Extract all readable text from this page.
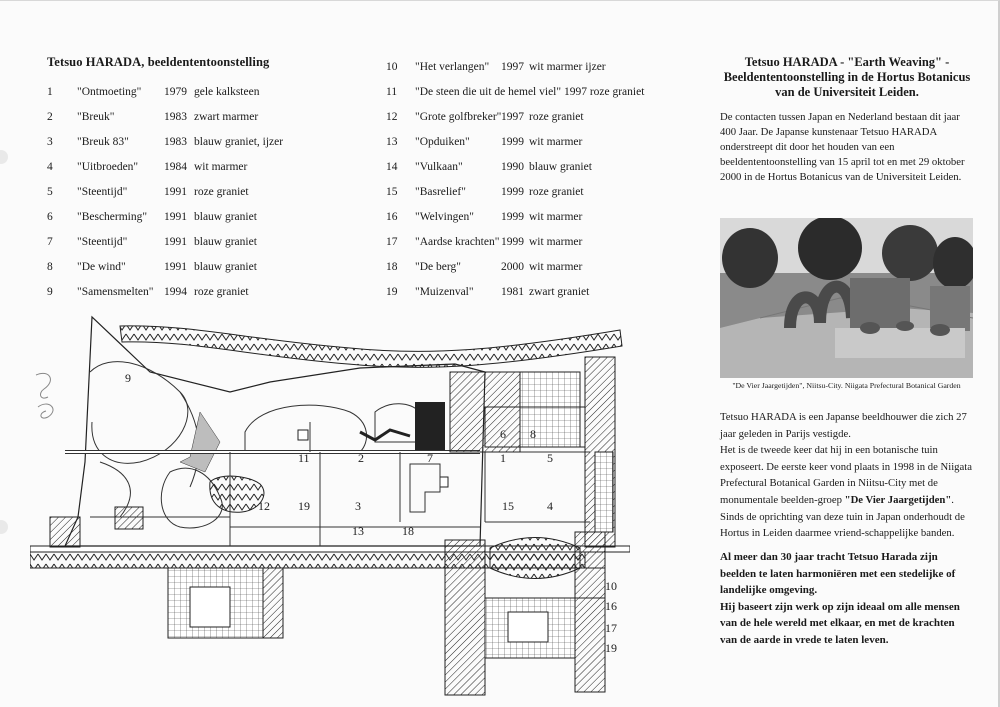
Tetsuo HARADA, beeldententoonstelling
1 "Ontmoeting" 1979 gele kalksteen
2 "Breuk"	1983 zwart marmer
3 "Breuk 83"	1983 blauw graniet, ijzer
4 "Uitbroeden" 1984 wit marmer
5 "Steentijd"	1991 roze graniet
6 "Bescherming" 1991 blauw graniet
7 "Steentijd"	1991 blauw graniet
8 "De wind"	1991 blauw graniet
9 "Samensmelten" 1994 roze graniet
10 "Het verlangen" 1997 wit marmer ijzer
11 "De steen die uit de hemel viel" 1997 roze graniet
12 "Grote golfbreker" 1997 roze graniet
13 "Opduiken"	1999 wit marmer
14 "Vulkaan"	1990 blauw graniet
15 "Basrelief"	1999 roze graniet
16 "Welvingen" 1999 wit marmer
17 "Aardse krachten" 1999 wit marmer
18 "De berg"	2000 wit marmer
19 "Muizenval" 1981 zwart graniet
9
11	2	7
6 8
1	5
12 19	3	15	4
13	18
10
16
17
19
Tetsuo HARADA - "Earth Weaving" - Beeldententoonstelling in de Hortus Botanicus van de Universiteit Leiden.
De contacten tussen Japan en Nederland bestaan dit jaar 400 Jaar. De Japanse kunstenaar Tetsuo HARADA onderstreept dit door het houden van een beeldententoonstelling van 15 april tot en met 29 oktober 2000 in de Hortus Botanicus van de Universiteit Leiden.
"De Vier Jaargetijden", Niitsu-City. Niigata Prefectural Botanical Garden
Tetsuo HARADA is een Japanse beeldhouwer die zich 27 jaar geleden in Parijs vestigde.
Het is de tweede keer dat hij in een botanische tuin exposeert. De eerste keer vond plaats in 1998 in de Niigata Prefectural Botanical Garden in Niitsu-City met de monumentale beelden-groep "De Vier Jaargetijden". Sinds de oprichting van deze tuin in Japan onderhoudt de Hortus in Leiden daarmee vriend-schappelijke banden.
Al meer dan 30 jaar tracht Tetsuo Harada zijn beelden te laten harmoniëren met een stedelijke of landelijke omgeving.
Hij baseert zijn werk op zijn ideaal om alle mensen van de hele wereld met elkaar, en met de krachten van de aarde in vrede te laten leven.
